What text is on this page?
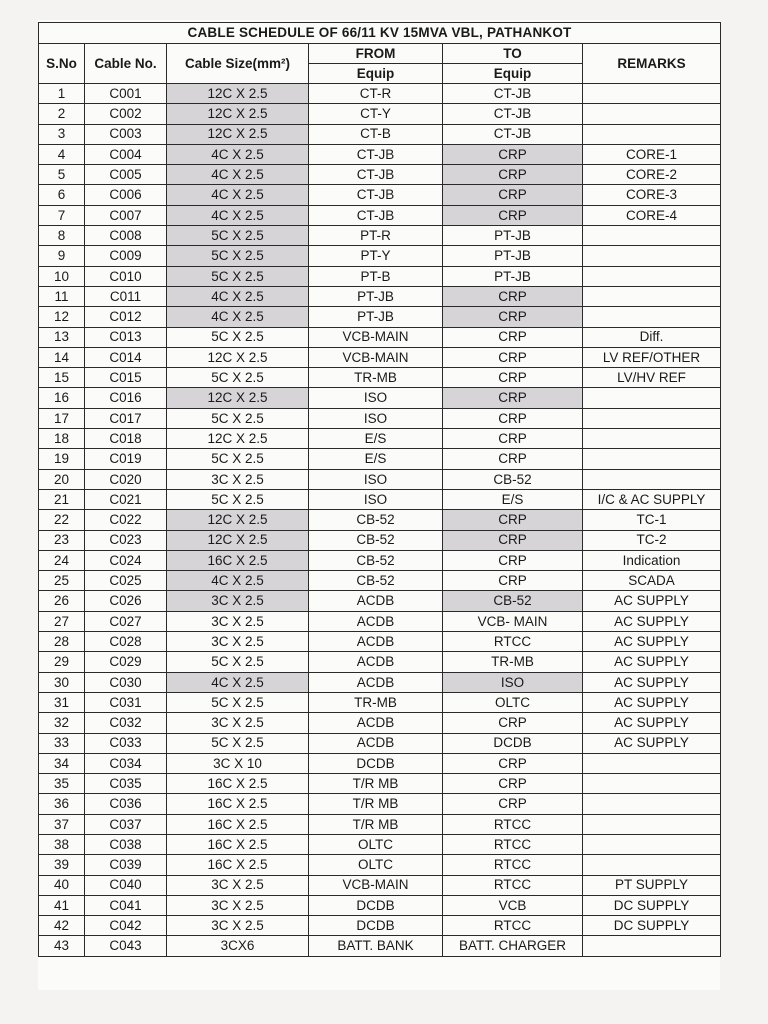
CABLE SCHEDULE OF 66/11 KV 15MVA VBL, PATHANKOT					
S.No	Cable No.	Cable Size(mm²)	FROM	TO	REMARKS
			Equip	Equip	
1	C001	12C X 2.5	CT-R	CT-JB	
2	C002	12C X 2.5	CT-Y	CT-JB	
3	C003	12C X 2.5	CT-B	CT-JB	
4	C004	4C X 2.5	CT-JB	CRP	CORE-1
5	C005	4C X 2.5	CT-JB	CRP	CORE-2
6	C006	4C X 2.5	CT-JB	CRP	CORE-3
7	C007	4C X 2.5	CT-JB	CRP	CORE-4
8	C008	5C X 2.5	PT-R	PT-JB	
9	C009	5C X 2.5	PT-Y	PT-JB	
10	C010	5C X 2.5	PT-B	PT-JB	
11	C011	4C X 2.5	PT-JB	CRP	
12	C012	4C X 2.5	PT-JB	CRP	
13	C013	5C X 2.5	VCB-MAIN	CRP	Diff.
14	C014	12C X 2.5	VCB-MAIN	CRP	LV REF/OTHER
15	C015	5C X 2.5	TR-MB	CRP	LV/HV REF
16	C016	12C X 2.5	ISO	CRP	
17	C017	5C X 2.5	ISO	CRP	
18	C018	12C X 2.5	E/S	CRP	
19	C019	5C X 2.5	E/S	CRP	
20	C020	3C X 2.5	ISO	CB-52	
21	C021	5C X 2.5	ISO	E/S	I/C & AC SUPPLY
22	C022	12C X 2.5	CB-52	CRP	TC-1
23	C023	12C X 2.5	CB-52	CRP	TC-2
24	C024	16C X 2.5	CB-52	CRP	Indication
25	C025	4C X 2.5	CB-52	CRP	SCADA
26	C026	3C X 2.5	ACDB	CB-52	AC SUPPLY
27	C027	3C X 2.5	ACDB	VCB- MAIN	AC SUPPLY
28	C028	3C X 2.5	ACDB	RTCC	AC SUPPLY
29	C029	5C X 2.5	ACDB	TR-MB	AC SUPPLY
30	C030	4C X 2.5	ACDB	ISO	AC SUPPLY
31	C031	5C X 2.5	TR-MB	OLTC	AC SUPPLY
32	C032	3C X 2.5	ACDB	CRP	AC SUPPLY
33	C033	5C X 2.5	ACDB	DCDB	AC SUPPLY
34	C034	3C X 10	DCDB	CRP	
35	C035	16C X 2.5	T/R MB	CRP	
36	C036	16C X 2.5	T/R MB	CRP	
37	C037	16C X 2.5	T/R MB	RTCC	
38	C038	16C X 2.5	OLTC	RTCC	
39	C039	16C X 2.5	OLTC	RTCC	
40	C040	3C X 2.5	VCB-MAIN	RTCC	PT SUPPLY
41	C041	3C X 2.5	DCDB	VCB	DC SUPPLY
42	C042	3C X 2.5	DCDB	RTCC	DC SUPPLY
43	C043	3CX6	BATT. BANK	BATT. CHARGER	
